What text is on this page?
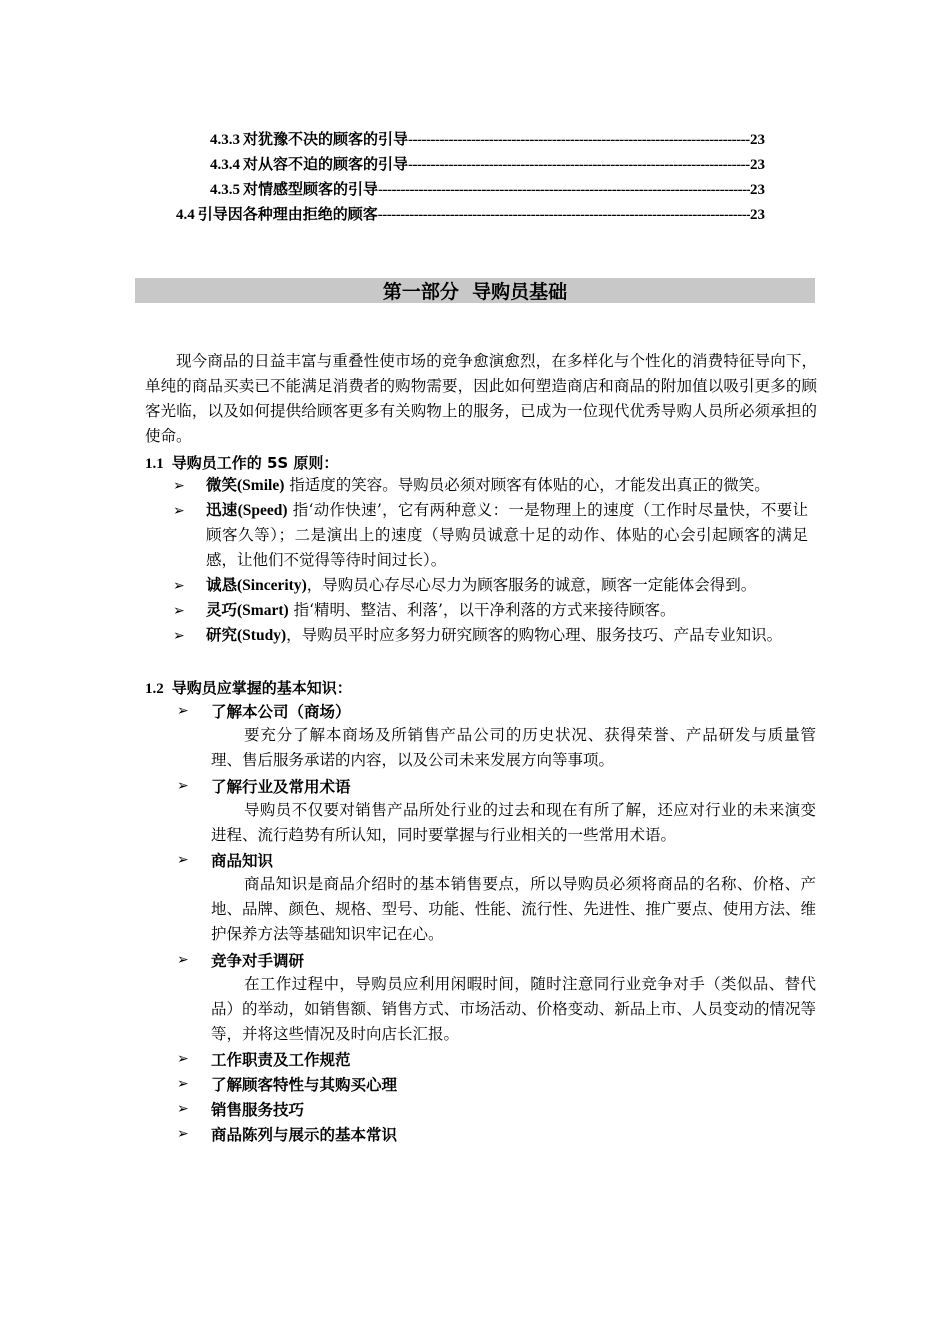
4.3.3 对犹豫不决的顾客的引导 -----	23
4.3.4 对从容不迫的顾客的引导 -----	23
4.3.5 对情感型顾客的引导 -----	23
4.4 引导因各种理由拒绝的顾客 -----	23
第一部分  导购员基础
现今商品的日益丰富与重叠性使市场的竞争愈演愈烈，在多样化与个性化的消费特征导向下，单纯的商品买卖已不能满足消费者的购物需要，因此如何塑造商店和商品的附加值以吸引更多的顾客光临，以及如何提供给顾客更多有关购物上的服务，已成为一位现代优秀导购人员所必须承担的使命。
1.1 导购员工作的 5S 原则：
➢ 微笑(Smile) 指适度的笑容。导购员必须对顾客有体贴的心，才能发出真正的微笑。
➢ 迅速(Speed) 指‘动作快速’，它有两种意义：一是物理上的速度（工作时尽量快，不要让顾客久等）；二是演出上的速度（导购员诚意十足的动作、体贴的心会引起顾客的满足感，让他们不觉得等待时间过长）。
➢ 诚恳(Sincerity)，导购员心存尽心尽力为顾客服务的诚意，顾客一定能体会得到。
➢ 灵巧(Smart) 指‘精明、整洁、利落’，以干净利落的方式来接待顾客。
➢ 研究(Study)，导购员平时应多努力研究顾客的购物心理、服务技巧、产品专业知识。
1.2 导购员应掌握的基本知识：
➢ 了解本公司（商场）
要充分了解本商场及所销售产品公司的历史状况、获得荣誉、产品研发与质量管理、售后服务承诺的内容，以及公司未来发展方向等事项。
➢ 了解行业及常用术语
导购员不仅要对销售产品所处行业的过去和现在有所了解，还应对行业的未来演变进程、流行趋势有所认知，同时要掌握与行业相关的一些常用术语。
➢ 商品知识
商品知识是商品介绍时的基本销售要点，所以导购员必须将商品的名称、价格、产地、品牌、颜色、规格、型号、功能、性能、流行性、先进性、推广要点、使用方法、维护保养方法等基础知识牢记在心。
➢ 竞争对手调研
在工作过程中，导购员应利用闲暇时间，随时注意同行业竞争对手（类似品、替代品）的举动，如销售额、销售方式、市场活动、价格变动、新品上市、人员变动的情况等等，并将这些情况及时向店长汇报。
➢ 工作职责及工作规范
➢ 了解顾客特性与其购买心理
➢ 销售服务技巧
➢ 商品陈列与展示的基本常识
